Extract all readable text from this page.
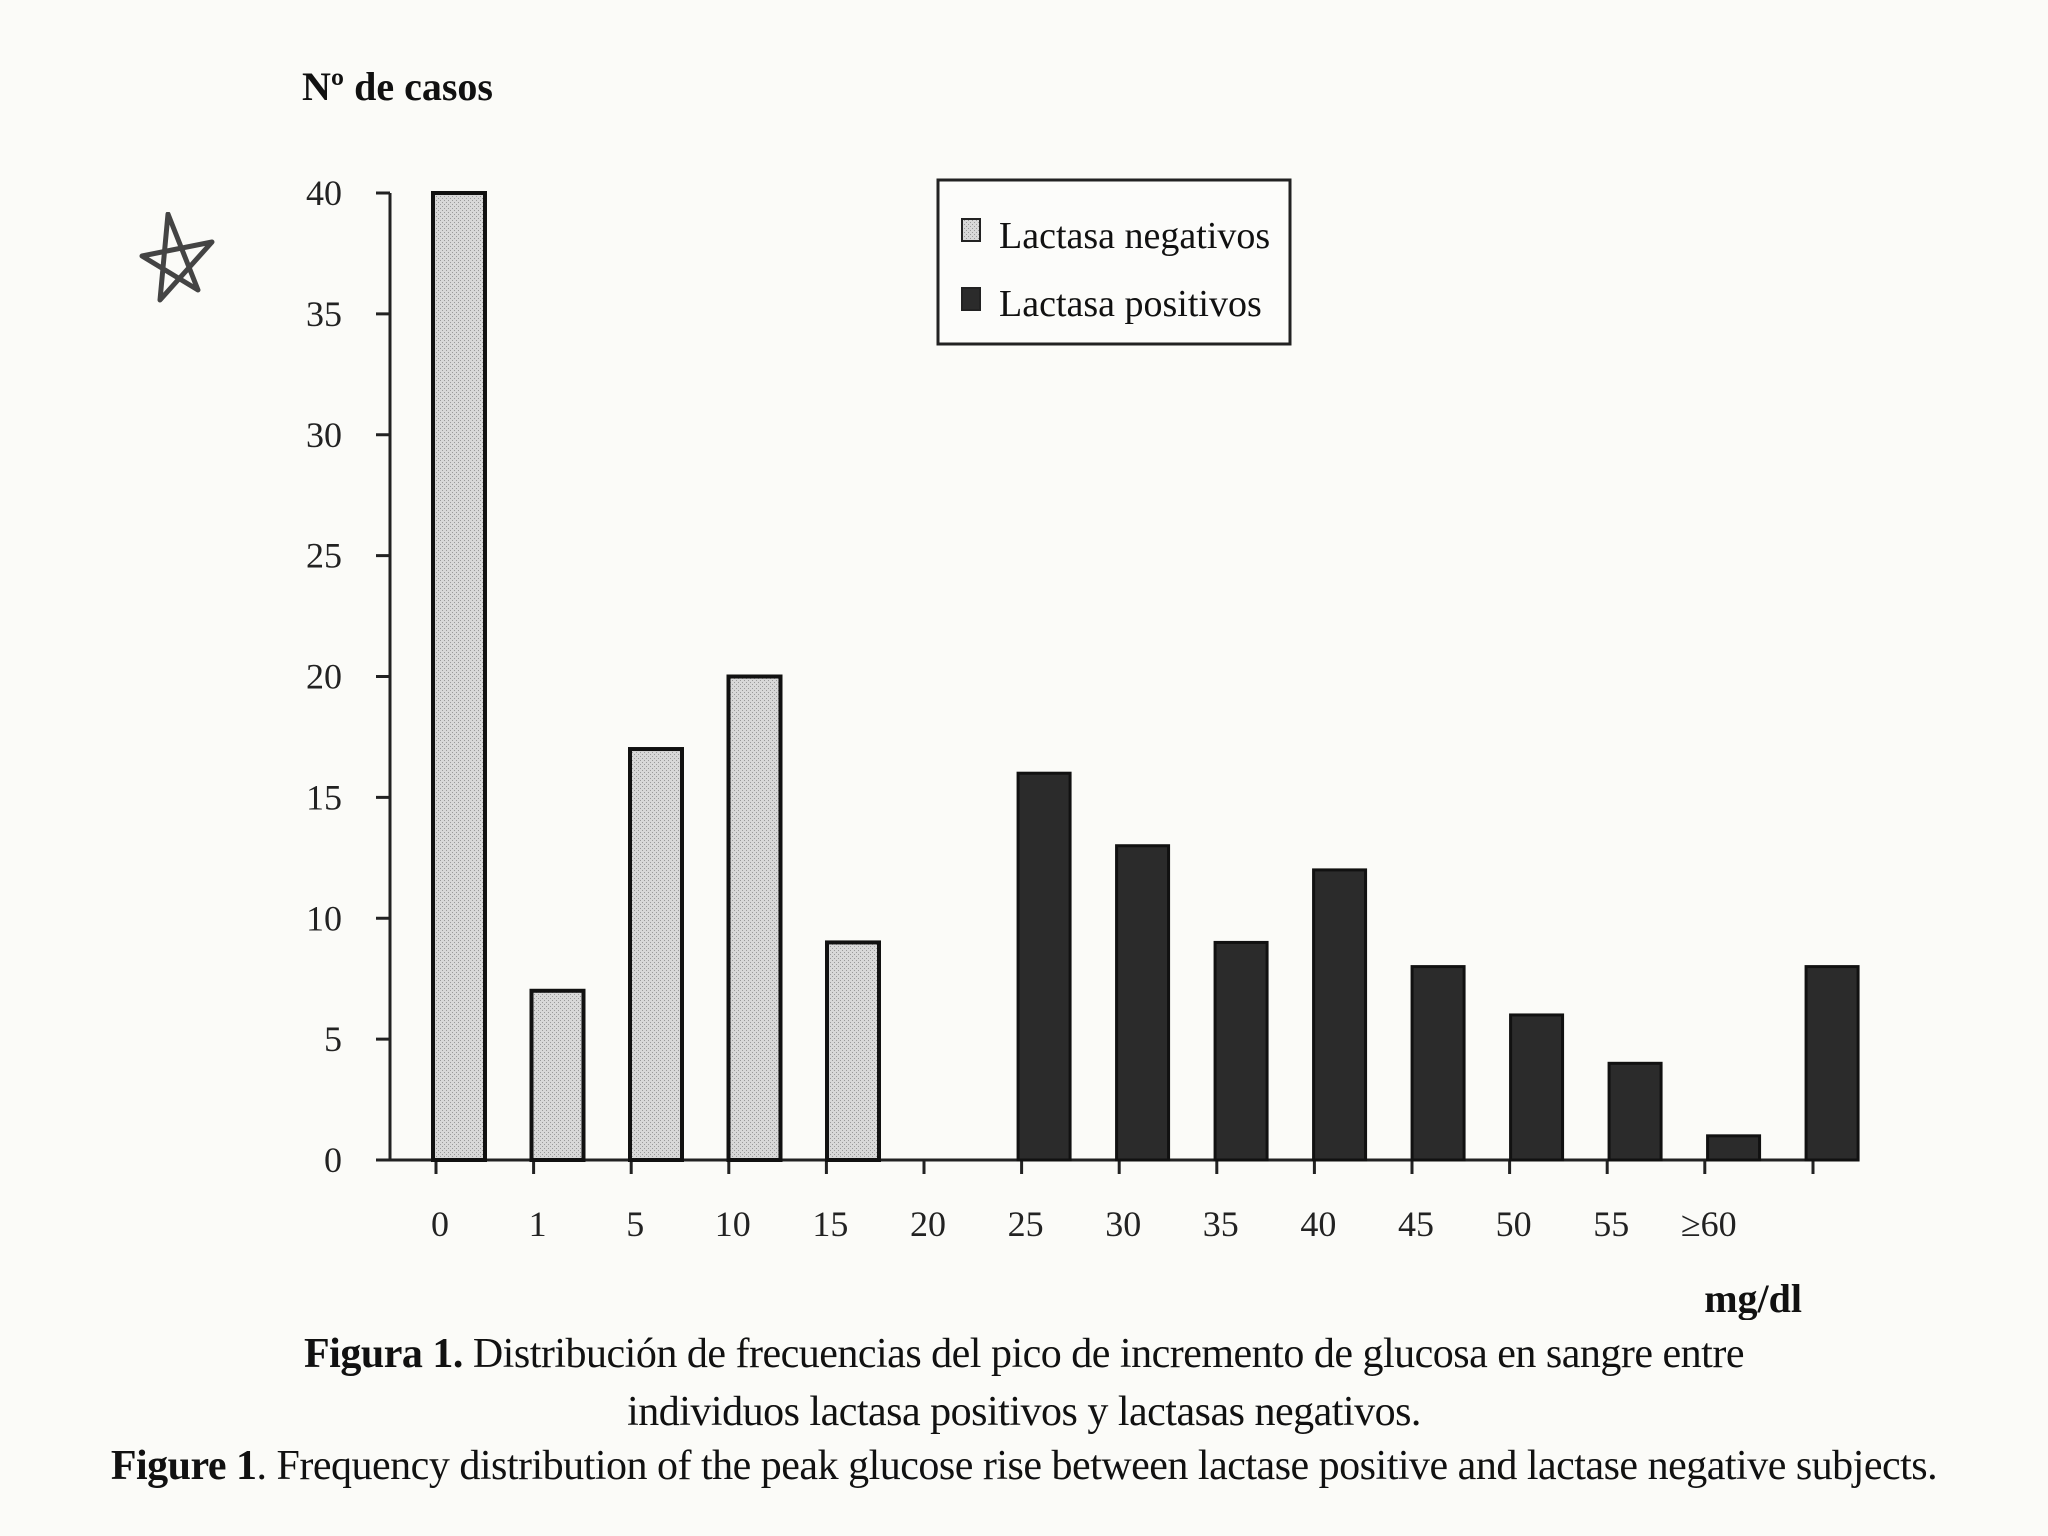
40
35
30
25
20
15
10
5
0
0 1 5 10 15 20 25 30 35 40 45 50 55 ≥60
Nº de casos
mg/dl
Lactasa negativos
Lactasa positivos
Figura 1. Distribución de frecuencias del pico de incremento de glucosa en sangre entre
individuos lactasa positivos y lactasas negativos.
Figure 1. Frequency distribution of the peak glucose rise between lactase positive and lactase negative subjects.
